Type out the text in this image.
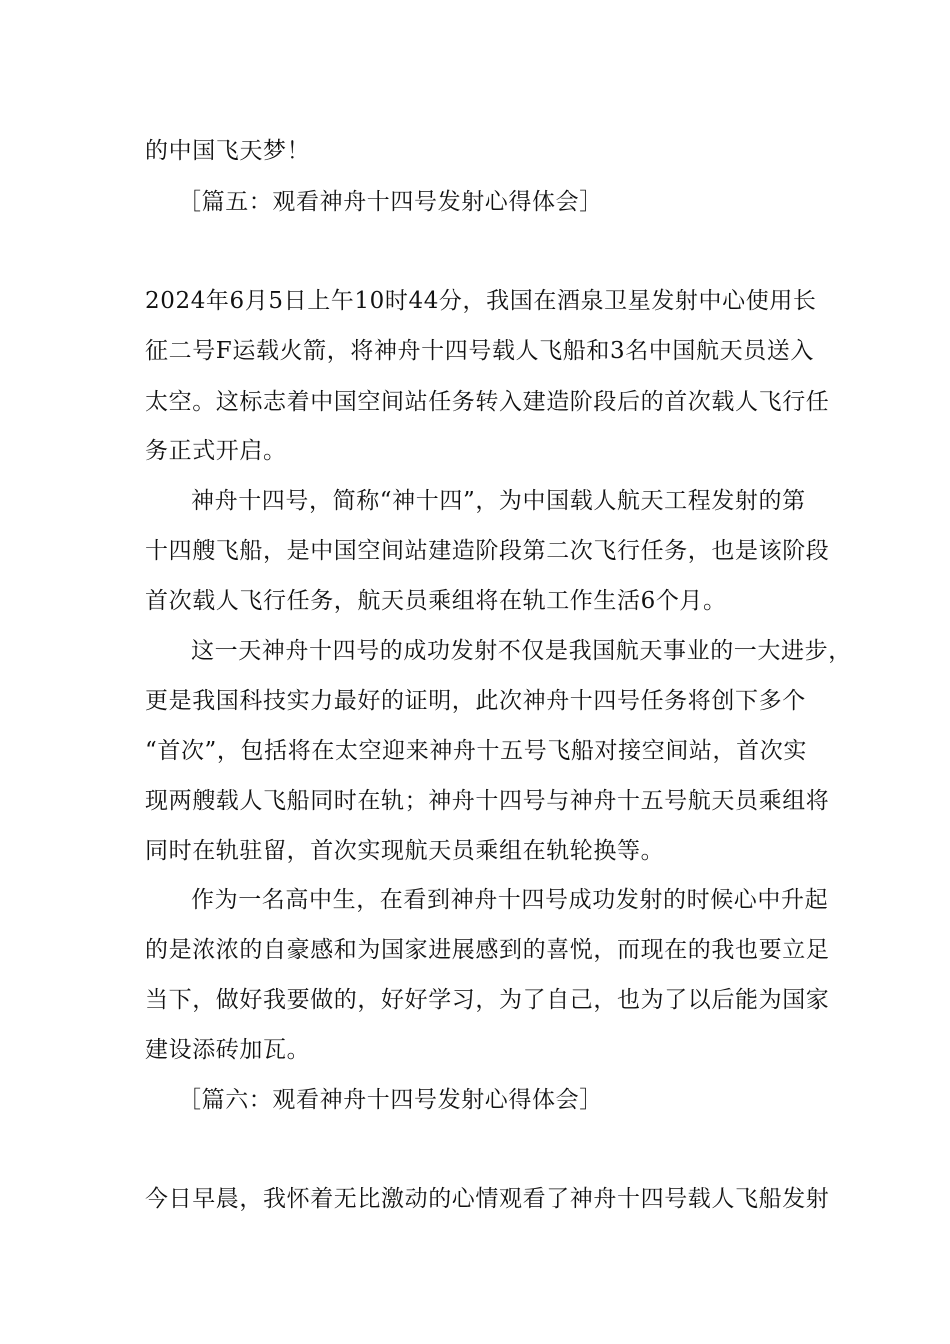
的中国飞天梦！
［篇五：观看神舟十四号发射心得体会］
2024年6月5日上午10时44分，我国在酒泉卫星发射中心使用长
征二号F运载火箭，将神舟十四号载人飞船和3名中国航天员送入
太空。这标志着中国空间站任务转入建造阶段后的首次载人飞行任
务正式开启。
神舟十四号，简称“神十四”，为中国载人航天工程发射的第
十四艘飞船，是中国空间站建造阶段第二次飞行任务，也是该阶段
首次载人飞行任务，航天员乘组将在轨工作生活6个月。
这一天神舟十四号的成功发射不仅是我国航天事业的一大进步，
更是我国科技实力最好的证明，此次神舟十四号任务将创下多个
“首次”，包括将在太空迎来神舟十五号飞船对接空间站，首次实
现两艘载人飞船同时在轨；神舟十四号与神舟十五号航天员乘组将
同时在轨驻留，首次实现航天员乘组在轨轮换等。
作为一名高中生，在看到神舟十四号成功发射的时候心中升起
的是浓浓的自豪感和为国家进展感到的喜悦，而现在的我也要立足
当下，做好我要做的，好好学习，为了自己，也为了以后能为国家
建设添砖加瓦。
［篇六：观看神舟十四号发射心得体会］
今日早晨，我怀着无比激动的心情观看了神舟十四号载人飞船发射
